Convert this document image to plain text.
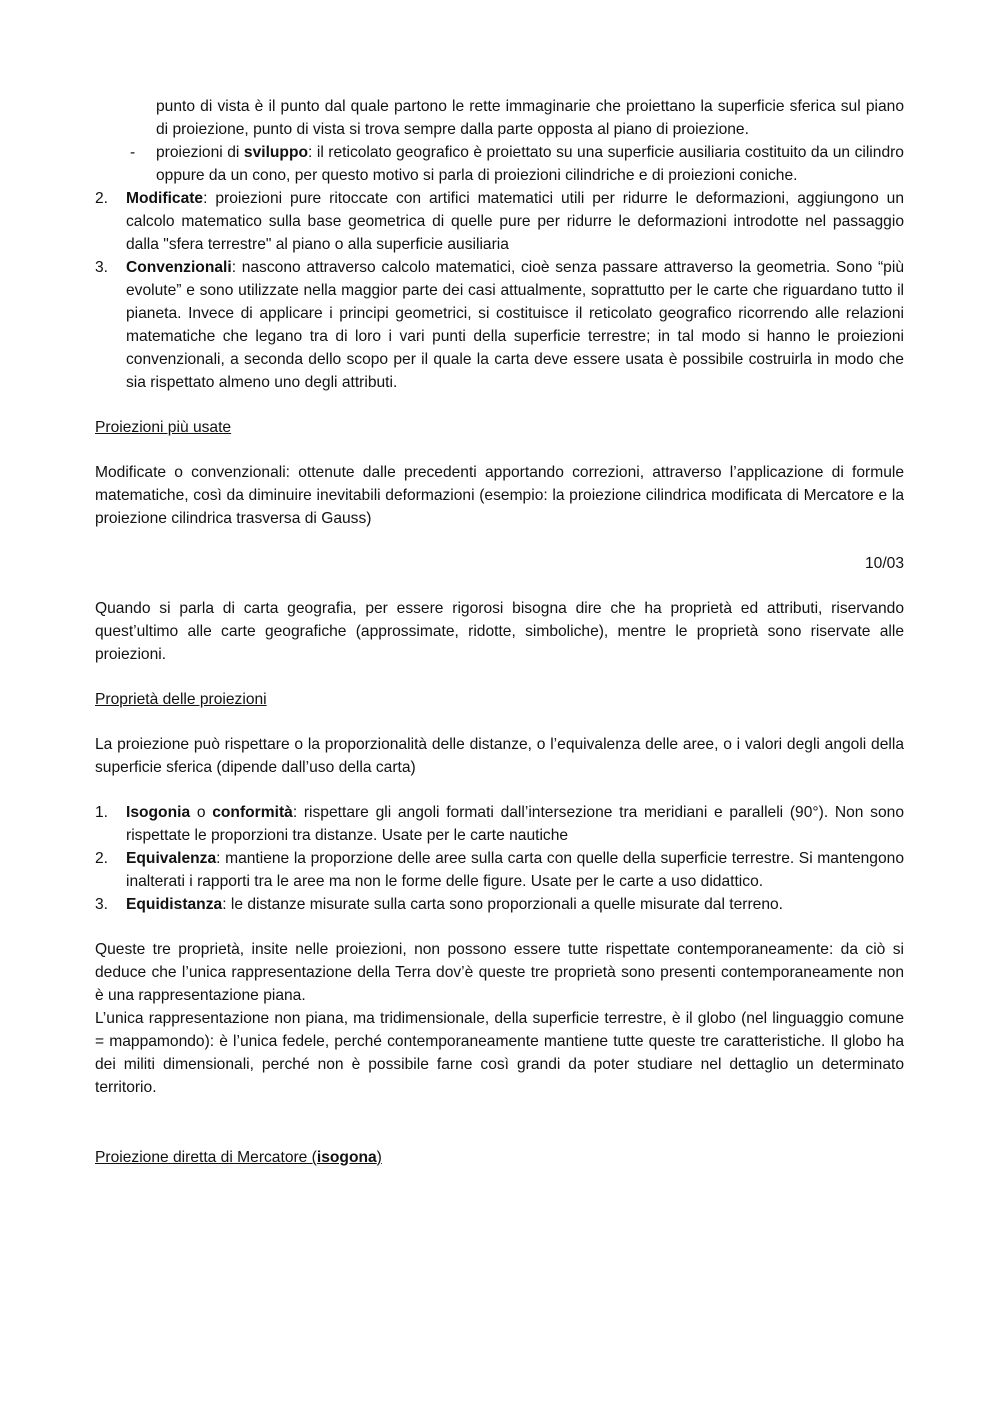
punto di vista è il punto dal quale partono le rette immaginarie che proiettano la superficie sferica sul piano di proiezione, punto di vista si trova sempre dalla parte opposta al piano di proiezione.

- proiezioni di sviluppo: il reticolato geografico è proiettato su una superficie ausiliaria costituito da un cilindro oppure da un cono, per questo motivo si parla di proiezioni cilindriche e di proiezioni coniche.

2. Modificate: proiezioni pure ritoccate con artifici matematici utili per ridurre le deformazioni, aggiungono un calcolo matematico sulla base geometrica di quelle pure per ridurre le deformazioni introdotte nel passaggio dalla "sfera terrestre" al piano o alla superficie ausiliaria

3. Convenzionali: nascono attraverso calcolo matematici, cioè senza passare attraverso la geometria. Sono “più evolute” e sono utilizzate nella maggior parte dei casi attualmente, soprattutto per le carte che riguardano tutto il pianeta. Invece di applicare i principi geometrici, si costituisce il reticolato geografico ricorrendo alle relazioni matematiche che legano tra di loro i vari punti della superficie terrestre; in tal modo si hanno le proiezioni convenzionali, a seconda dello scopo per il quale la carta deve essere usata è possibile costruirla in modo che sia rispettato almeno uno degli attributi.

Proiezioni più usate

Modificate o convenzionali: ottenute dalle precedenti apportando correzioni, attraverso l’applicazione di formule matematiche, così da diminuire inevitabili deformazioni (esempio: la proiezione cilindrica modificata di Mercatore e la proiezione cilindrica trasversa di Gauss)

10/03

Quando si parla di carta geografia, per essere rigorosi bisogna dire che ha proprietà ed attributi, riservando quest’ultimo alle carte geografiche (approssimate, ridotte, simboliche), mentre le proprietà sono riservate alle proiezioni.

Proprietà delle proiezioni

La proiezione può rispettare o la proporzionalità delle distanze, o l’equivalenza delle aree, o i valori degli angoli della superficie sferica (dipende dall’uso della carta)

1. Isogonia o conformità: rispettare gli angoli formati dall’intersezione tra meridiani e paralleli (90°). Non sono rispettate le proporzioni tra distanze. Usate per le carte nautiche

2. Equivalenza: mantiene la proporzione delle aree sulla carta con quelle della superficie terrestre. Si mantengono inalterati i rapporti tra le aree ma non le forme delle figure. Usate per le carte a uso didattico.

3. Equidistanza: le distanze misurate sulla carta sono proporzionali a quelle misurate dal terreno.

Queste tre proprietà, insite nelle proiezioni, non possono essere tutte rispettate contemporaneamente: da ciò si deduce che l’unica rappresentazione della Terra dov’è queste tre proprietà sono presenti contemporaneamente non è una rappresentazione piana.

L’unica rappresentazione non piana, ma tridimensionale, della superficie terrestre, è il globo (nel linguaggio comune = mappamondo): è l’unica fedele, perché contemporaneamente mantiene tutte queste tre caratteristiche. Il globo ha dei militi dimensionali, perché non è possibile farne così grandi da poter studiare nel dettaglio un determinato territorio.

Proiezione diretta di Mercatore (isogona)
